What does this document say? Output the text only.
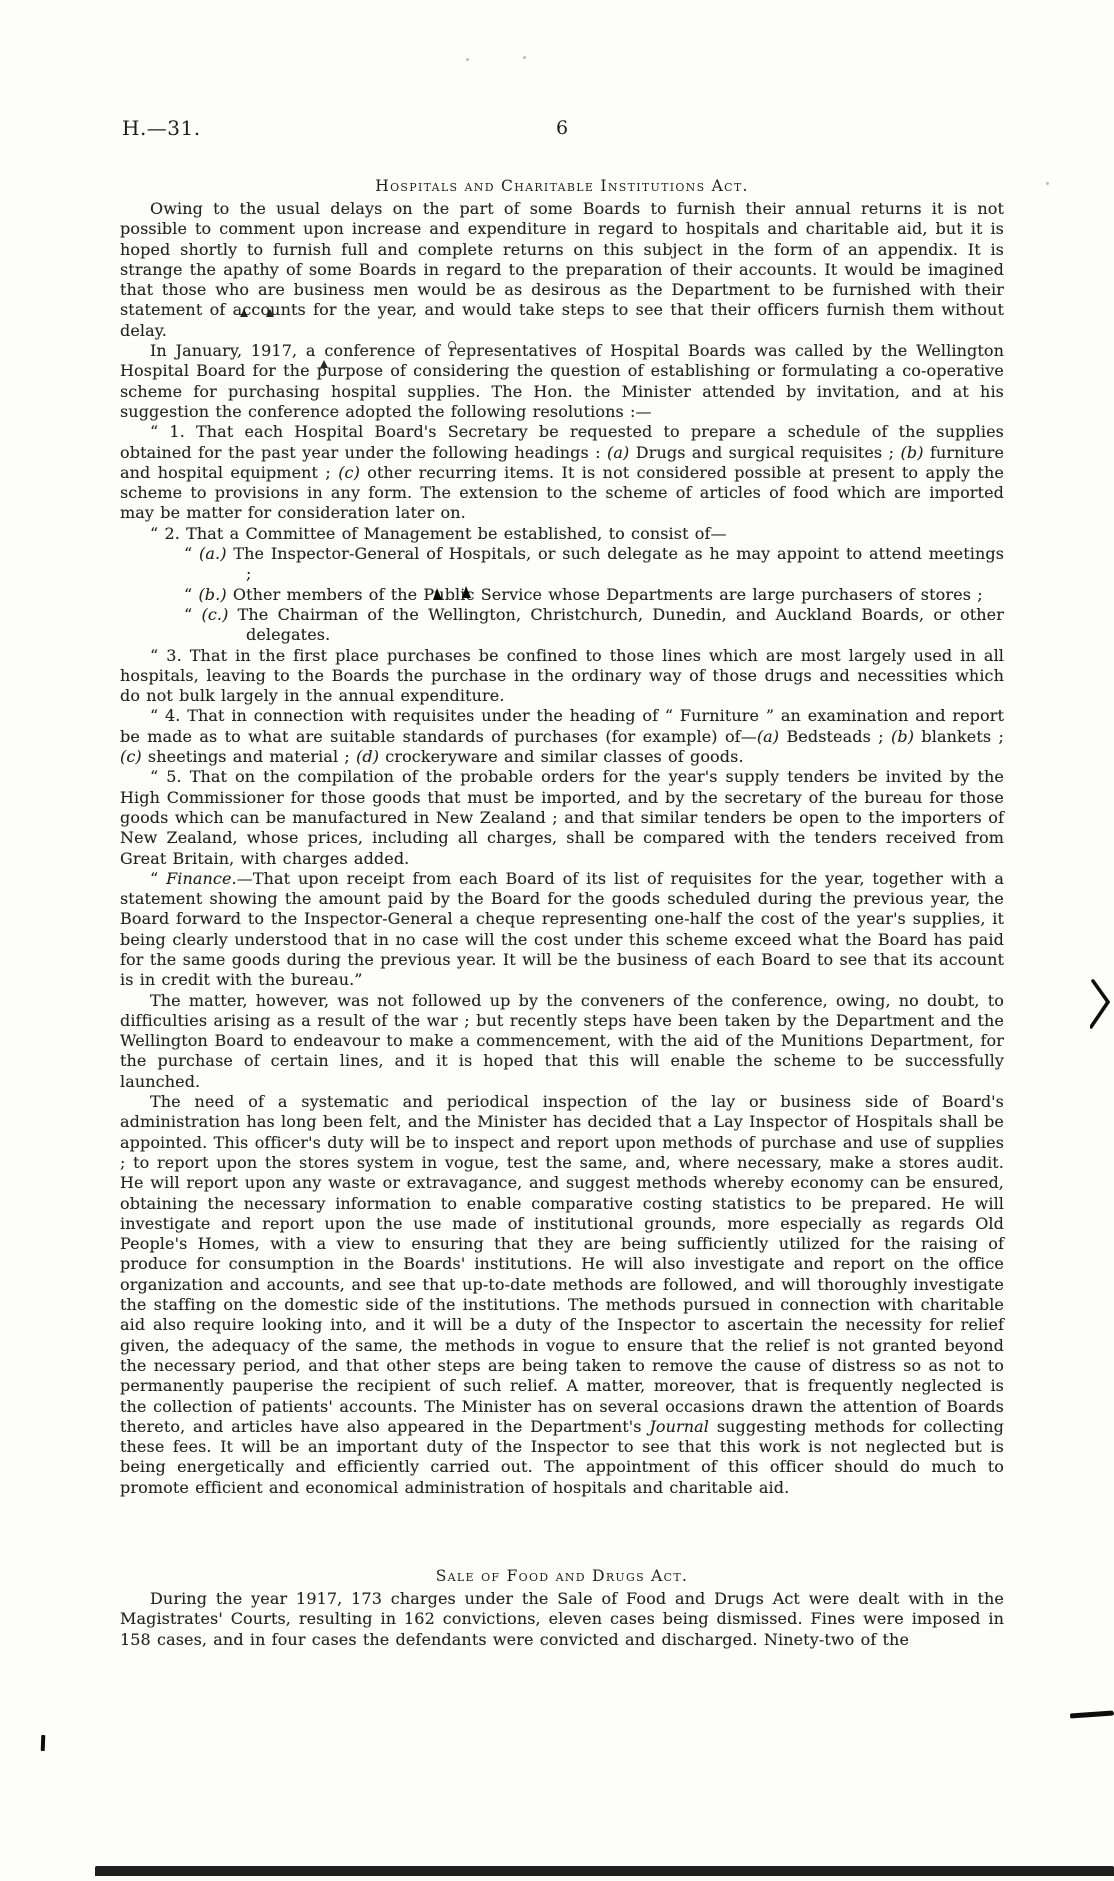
H.—31.	6
Hospitals and Charitable Institutions Act.

Owing to the usual delays on the part of some Boards to furnish their annual returns it is not possible to comment upon increase and expenditure in regard to hospitals and charitable aid, but it is hoped shortly to furnish full and complete returns on this subject in the form of an appendix. It is strange the apathy of some Boards in regard to the preparation of their accounts. It would be imagined that those who are business men would be as desirous as the Department to be furnished with their statement of accounts for the year, and would take steps to see that their officers furnish them without delay.

In January, 1917, a conference of representatives of Hospital Boards was called by the Wellington Hospital Board for the purpose of considering the question of establishing or formulating a co-operative scheme for purchasing hospital supplies. The Hon. the Minister attended by invitation, and at his suggestion the conference adopted the following resolutions :—

“ 1. That each Hospital Board's Secretary be requested to prepare a schedule of the supplies obtained for the past year under the following headings : (a) Drugs and surgical requisites ; (b) furniture and hospital equipment ; (c) other recurring items. It is not considered possible at present to apply the scheme to provisions in any form. The extension to the scheme of articles of food which are imported may be matter for consideration later on.

“ 2. That a Committee of Management be established, to consist of—

“ (a.) The Inspector-General of Hospitals, or such delegate as he may appoint to attend meetings ;

“ (b.) Other members of the Public Service whose Departments are large purchasers of stores ;

“ (c.) The Chairman of the Wellington, Christchurch, Dunedin, and Auckland Boards, or other delegates.

“ 3. That in the first place purchases be confined to those lines which are most largely used in all hospitals, leaving to the Boards the purchase in the ordinary way of those drugs and necessities which do not bulk largely in the annual expenditure.

“ 4. That in connection with requisites under the heading of “ Furniture ” an examination and report be made as to what are suitable standards of purchases (for example) of—(a) Bedsteads ; (b) blankets ; (c) sheetings and material ; (d) crockeryware and similar classes of goods.

“ 5. That on the compilation of the probable orders for the year's supply tenders be invited by the High Commissioner for those goods that must be imported, and by the secretary of the bureau for those goods which can be manufactured in New Zealand ; and that similar tenders be open to the importers of New Zealand, whose prices, including all charges, shall be compared with the tenders received from Great Britain, with charges added.

“ Finance.—That upon receipt from each Board of its list of requisites for the year, together with a statement showing the amount paid by the Board for the goods scheduled during the previous year, the Board forward to the Inspector-General a cheque representing one-half the cost of the year's supplies, it being clearly understood that in no case will the cost under this scheme exceed what the Board has paid for the same goods during the previous year. It will be the business of each Board to see that its account is in credit with the bureau.”

The matter, however, was not followed up by the conveners of the conference, owing, no doubt, to difficulties arising as a result of the war ; but recently steps have been taken by the Department and the Wellington Board to endeavour to make a commencement, with the aid of the Munitions Department, for the purchase of certain lines, and it is hoped that this will enable the scheme to be successfully launched.

The need of a systematic and periodical inspection of the lay or business side of Board's administration has long been felt, and the Minister has decided that a Lay Inspector of Hospitals shall be appointed. This officer's duty will be to inspect and report upon methods of purchase and use of supplies ; to report upon the stores system in vogue, test the same, and, where necessary, make a stores audit. He will report upon any waste or extravagance, and suggest methods whereby economy can be ensured, obtaining the necessary information to enable comparative costing statistics to be prepared. He will investigate and report upon the use made of institutional grounds, more especially as regards Old People's Homes, with a view to ensuring that they are being sufficiently utilized for the raising of produce for consumption in the Boards' institutions. He will also investigate and report on the office organization and accounts, and see that up-to-date methods are followed, and will thoroughly investigate the staffing on the domestic side of the institutions. The methods pursued in connection with charitable aid also require looking into, and it will be a duty of the Inspector to ascertain the necessity for relief given, the adequacy of the same, the methods in vogue to ensure that the relief is not granted beyond the necessary period, and that other steps are being taken to remove the cause of distress so as not to permanently pauperise the recipient of such relief. A matter, moreover, that is frequently neglected is the collection of patients' accounts. The Minister has on several occasions drawn the attention of Boards thereto, and articles have also appeared in the Department's Journal suggesting methods for collecting these fees. It will be an important duty of the Inspector to see that this work is not neglected but is being energetically and efficiently carried out. The appointment of this officer should do much to promote efficient and economical administration of hospitals and charitable aid.

Sale of Food and Drugs Act.

During the year 1917, 173 charges under the Sale of Food and Drugs Act were dealt with in the Magistrates' Courts, resulting in 162 convictions, eleven cases being dismissed. Fines were imposed in 158 cases, and in four cases the defendants were convicted and discharged. Ninety-two of the
